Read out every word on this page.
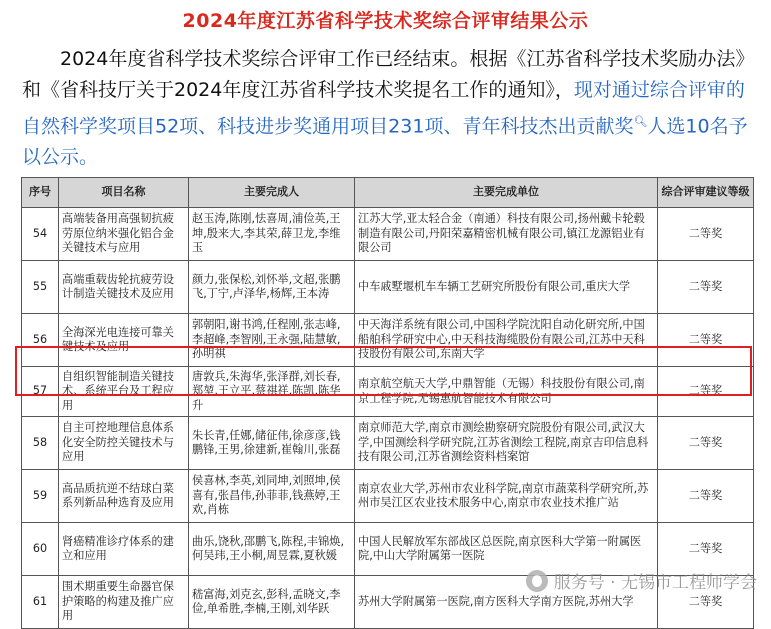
2024年度江苏省科学技术奖综合评审结果公示
2024年度省科学技术奖综合评审工作已经结束。根据《江苏省科学技术奖励办法》和《省科技厅关于2024年度江苏省科学技术奖提名工作的通知》，现对通过综合评审的自然科学奖项目52项、科技进步奖通用项目231项、青年科技杰出贡献奖🔍︎人选10名予以公示。
序号	项目名称	主要完成人	主要完成单位	综合评审建议等级
54	高端装备用高强韧抗疲劳原位纳米强化铝合金关键技术与应用	赵玉涛,陈刚,怯喜周,浦俭英,王坤,殷来大,李其荣,薛卫龙,李维玉	江苏大学,亚太轻合金（南通）科技有限公司,扬州戴卡轮毂制造有限公司,丹阳荣嘉精密机械有限公司,镇江龙源铝业有限公司	二等奖
55	高端重载齿轮抗疲劳设计制造关键技术及应用	颜力,张保松,刘怀举,文超,张鹏飞,丁宁,卢泽华,杨辉,王本涛	中车戚墅堰机车车辆工艺研究所股份有限公司,重庆大学	二等奖
56	全海深光电连接可靠关键技术及应用	郭朝阳,谢书鸿,任程刚,张志峰,李超峰,李智刚,王永强,陆慧敏,孙明祺	中天海洋系统有限公司,中国科学院沈阳自动化研究所,中国船舶科学研究中心,中天科技海缆股份有限公司,江苏中天科技股份有限公司,东南大学	二等奖
57	自组织智能制造关键技术、系统平台及工程应用	唐敦兵,朱海华,张泽群,刘长春,郑堃,王立平,蔡祺祥,陈凯,陈华升	南京航空航天大学,中鼎智能（无锡）科技股份有限公司,南京工程学院,无锡惠航智能技术有限公司	二等奖
58	自主可控地理信息体系化安全防控关键技术与应用	朱长青,任娜,储征伟,徐彦彦,钱鹏锋,王男,徐建新,崔翰川,张磊	南京师范大学,南京市测绘勘察研究院股份有限公司,武汉大学,中国测绘科学研究院,江苏省测绘工程院,南京吉印信息科技有限公司,江苏省测绘资料档案馆	二等奖
59	高品质抗逆不结球白菜系列新品种选育及应用	侯喜林,李英,刘同坤,刘照坤,侯喜有,张昌伟,孙菲菲,钱燕婷,王欢,肖栋	南京农业大学,苏州市农业科学院,南京市蔬菜科学研究所,苏州市吴江区农业技术服务中心,南京市农业技术推广站	二等奖
60	肾癌精准诊疗体系的建立和应用	曲乐,饶秋,邵鹏飞,陈程,丰锦焕,何吴玮,王小桐,周昱霖,夏秋媛	中国人民解放军东部战区总医院,南京医科大学第一附属医院,中山大学附属第一医院	二等奖
61	围术期重要生命器官保护策略的构建及推广应用	嵇富海,刘克玄,彭科,孟晓文,李俭,单希胜,李楠,王刚,刘华跃	苏州大学附属第一医院,南方医科大学南方医院,苏州大学	二等奖
服务号 · 无锡市工程师学会
